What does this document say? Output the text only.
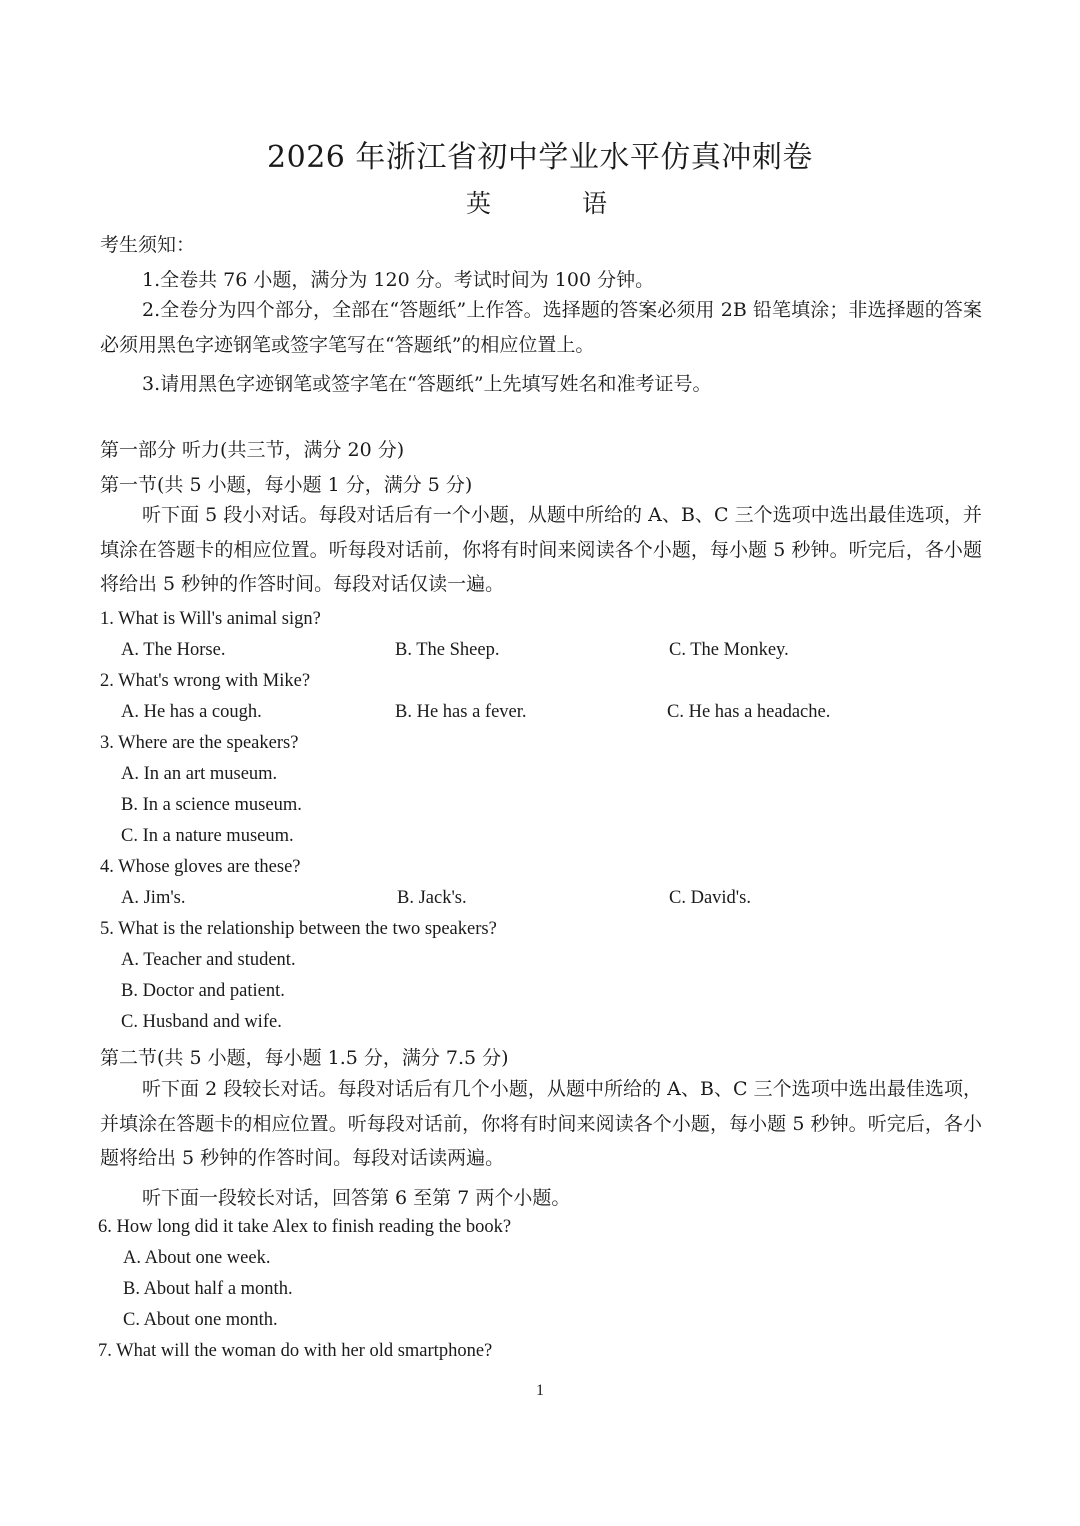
2026 年浙江省初中学业水平仿真冲刺卷
英	语
考生须知：
1.全卷共 76 小题，满分为 120 分。考试时间为 100 分钟。
2.全卷分为四个部分，全部在“答题纸”上作答。选择题的答案必须用 2B 铅笔填涂；非选择题的答案必须用黑色字迹钢笔或签字笔写在“答题纸”的相应位置上。
3.请用黑色字迹钢笔或签字笔在“答题纸”上先填写姓名和准考证号。
第一部分 听力(共三节，满分 20 分)
第一节(共 5 小题，每小题 1 分，满分 5 分)
听下面 5 段小对话。每段对话后有一个小题，从题中所给的 A、B、C 三个选项中选出最佳选项，并填涂在答题卡的相应位置。听每段对话前，你将有时间来阅读各个小题，每小题 5 秒钟。听完后，各小题将给出 5 秒钟的作答时间。每段对话仅读一遍。
1. What is Will's animal sign?
A. The Horse.	B. The Sheep.	C. The Monkey.
2. What's wrong with Mike?
A. He has a cough.	B. He has a fever.	C. He has a headache.
3. Where are the speakers?
A. In an art museum.
B. In a science museum.
C. In a nature museum.
4. Whose gloves are these?
A. Jim's.	B. Jack's.	C. David's.
5. What is the relationship between the two speakers?
A. Teacher and student.
B. Doctor and patient.
C. Husband and wife.
第二节(共 5 小题，每小题 1.5 分，满分 7.5 分)
听下面 2 段较长对话。每段对话后有几个小题，从题中所给的 A、B、C 三个选项中选出最佳选项，并填涂在答题卡的相应位置。听每段对话前，你将有时间来阅读各个小题，每小题 5 秒钟。听完后，各小题将给出 5 秒钟的作答时间。每段对话读两遍。
听下面一段较长对话，回答第 6 至第 7 两个小题。
6. How long did it take Alex to finish reading the book?
A. About one week.
B. About half a month.
C. About one month.
7. What will the woman do with her old smartphone?
1
